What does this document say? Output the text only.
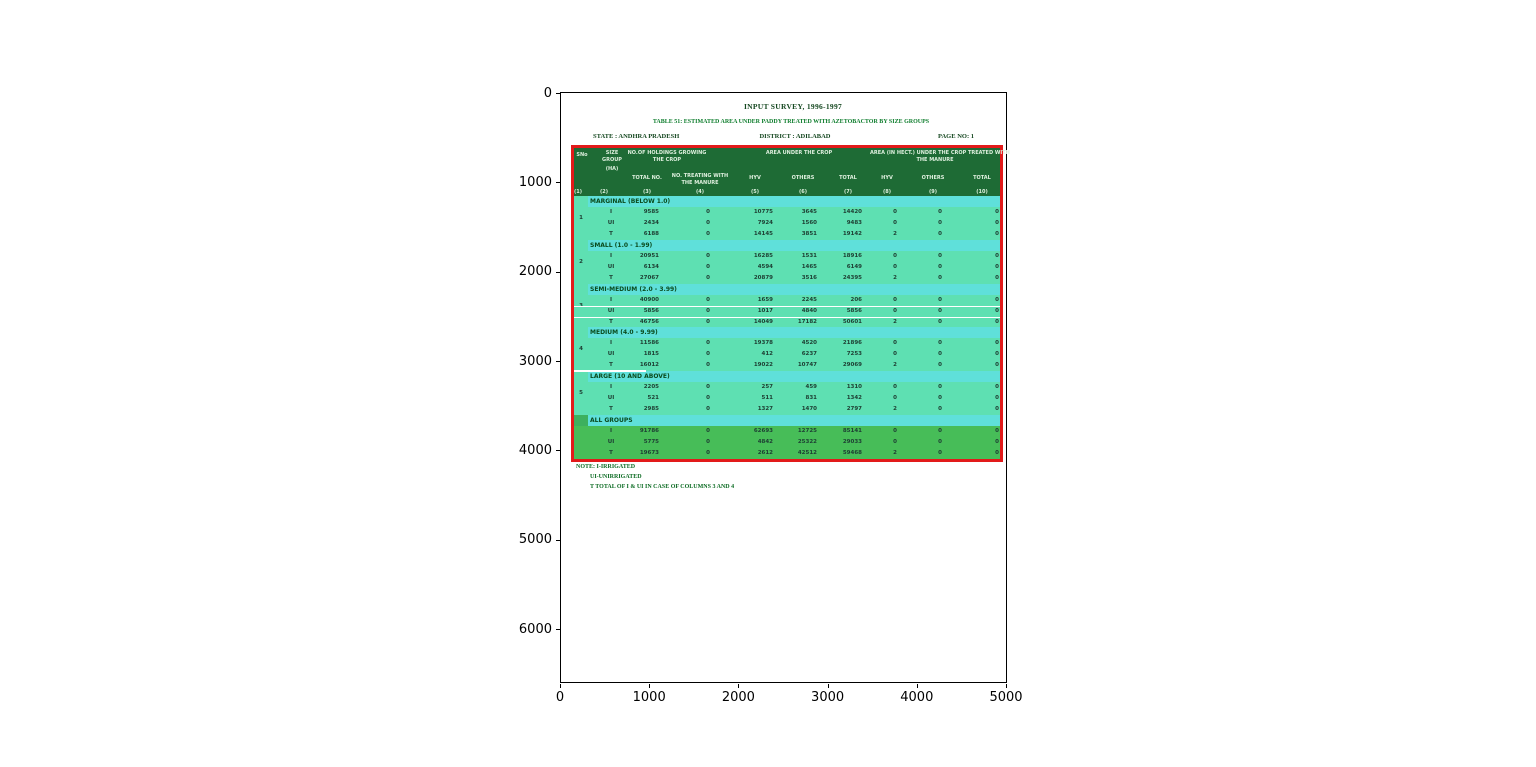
0
1000
2000
3000
4000
5000
6000
0	1000	2000	3000	4000	5000
INPUT SURVEY, 1996-1997
TABLE 51: ESTIMATED AREA UNDER PADDY TREATED WITH AZETOBACTOR BY SIZE GROUPS
STATE : ANDHRA PRADESH	DISTRICT : ADILABAD	PAGE NO: 1
SNo	SIZE
GROUP
(HA)
NO.OF HOLDINGS GROWING
THE CROP
AREA UNDER THE CROP	AREA (IN HECT.) UNDER THE CROP TREATED WITH
THE MANURE
TOTAL NO.	NO. TREATING WITH
THE MANURE
HYV	OTHERS	TOTAL	HYV	OTHERS	TOTAL
(1)	(2)	(3)	(4)	(5)	(6)	(7)	(8)	(9)	(10)
1
MARGINAL (BELOW 1.0)
I	9585	0	10775	3645	14420	0	0	0
UI	2434	0	7924	1560	9483	0	0	0
T	6188	0	14145	3851	19142	2	0	0
2
SMALL (1.0 - 1.99)
I	20951	0	16285	1531	18916	0	0	0
UI	6134	0	4594	1465	6149	0	0	0
T	27067	0	20879	3516	24395	2	0	0
3
SEMI-MEDIUM (2.0 - 3.99)
I	40900	0	1659	2245	206	0	0	0
UI	5856	0	1017	4840	5856	0	0	0
T	46756	0	14049	17182	50601	2	0	0
4
MEDIUM (4.0 - 9.99)
I	11586	0	19378	4520	21896	0	0	0
UI	1815	0	412	6237	7253	0	0	0
T	16012	0	19022	10747	29069	2	0	0
5
LARGE (10 AND ABOVE)
I	2205	0	257	459	1310	0	0	0
UI	521	0	511	831	1342	0	0	0
T	2985	0	1327	1470	2797	2	0	0
ALL GROUPS
I	91786	0	62693	12725	85141	0	0	0
UI	5775	0	4842	25322	29033	0	0	0
T	19673	0	2612	42512	59468	2	0	0
NOTE: I-IRRIGATED
UI-UNIRRIGATED
T TOTAL OF I & UI IN CASE OF COLUMNS 3 AND 4
